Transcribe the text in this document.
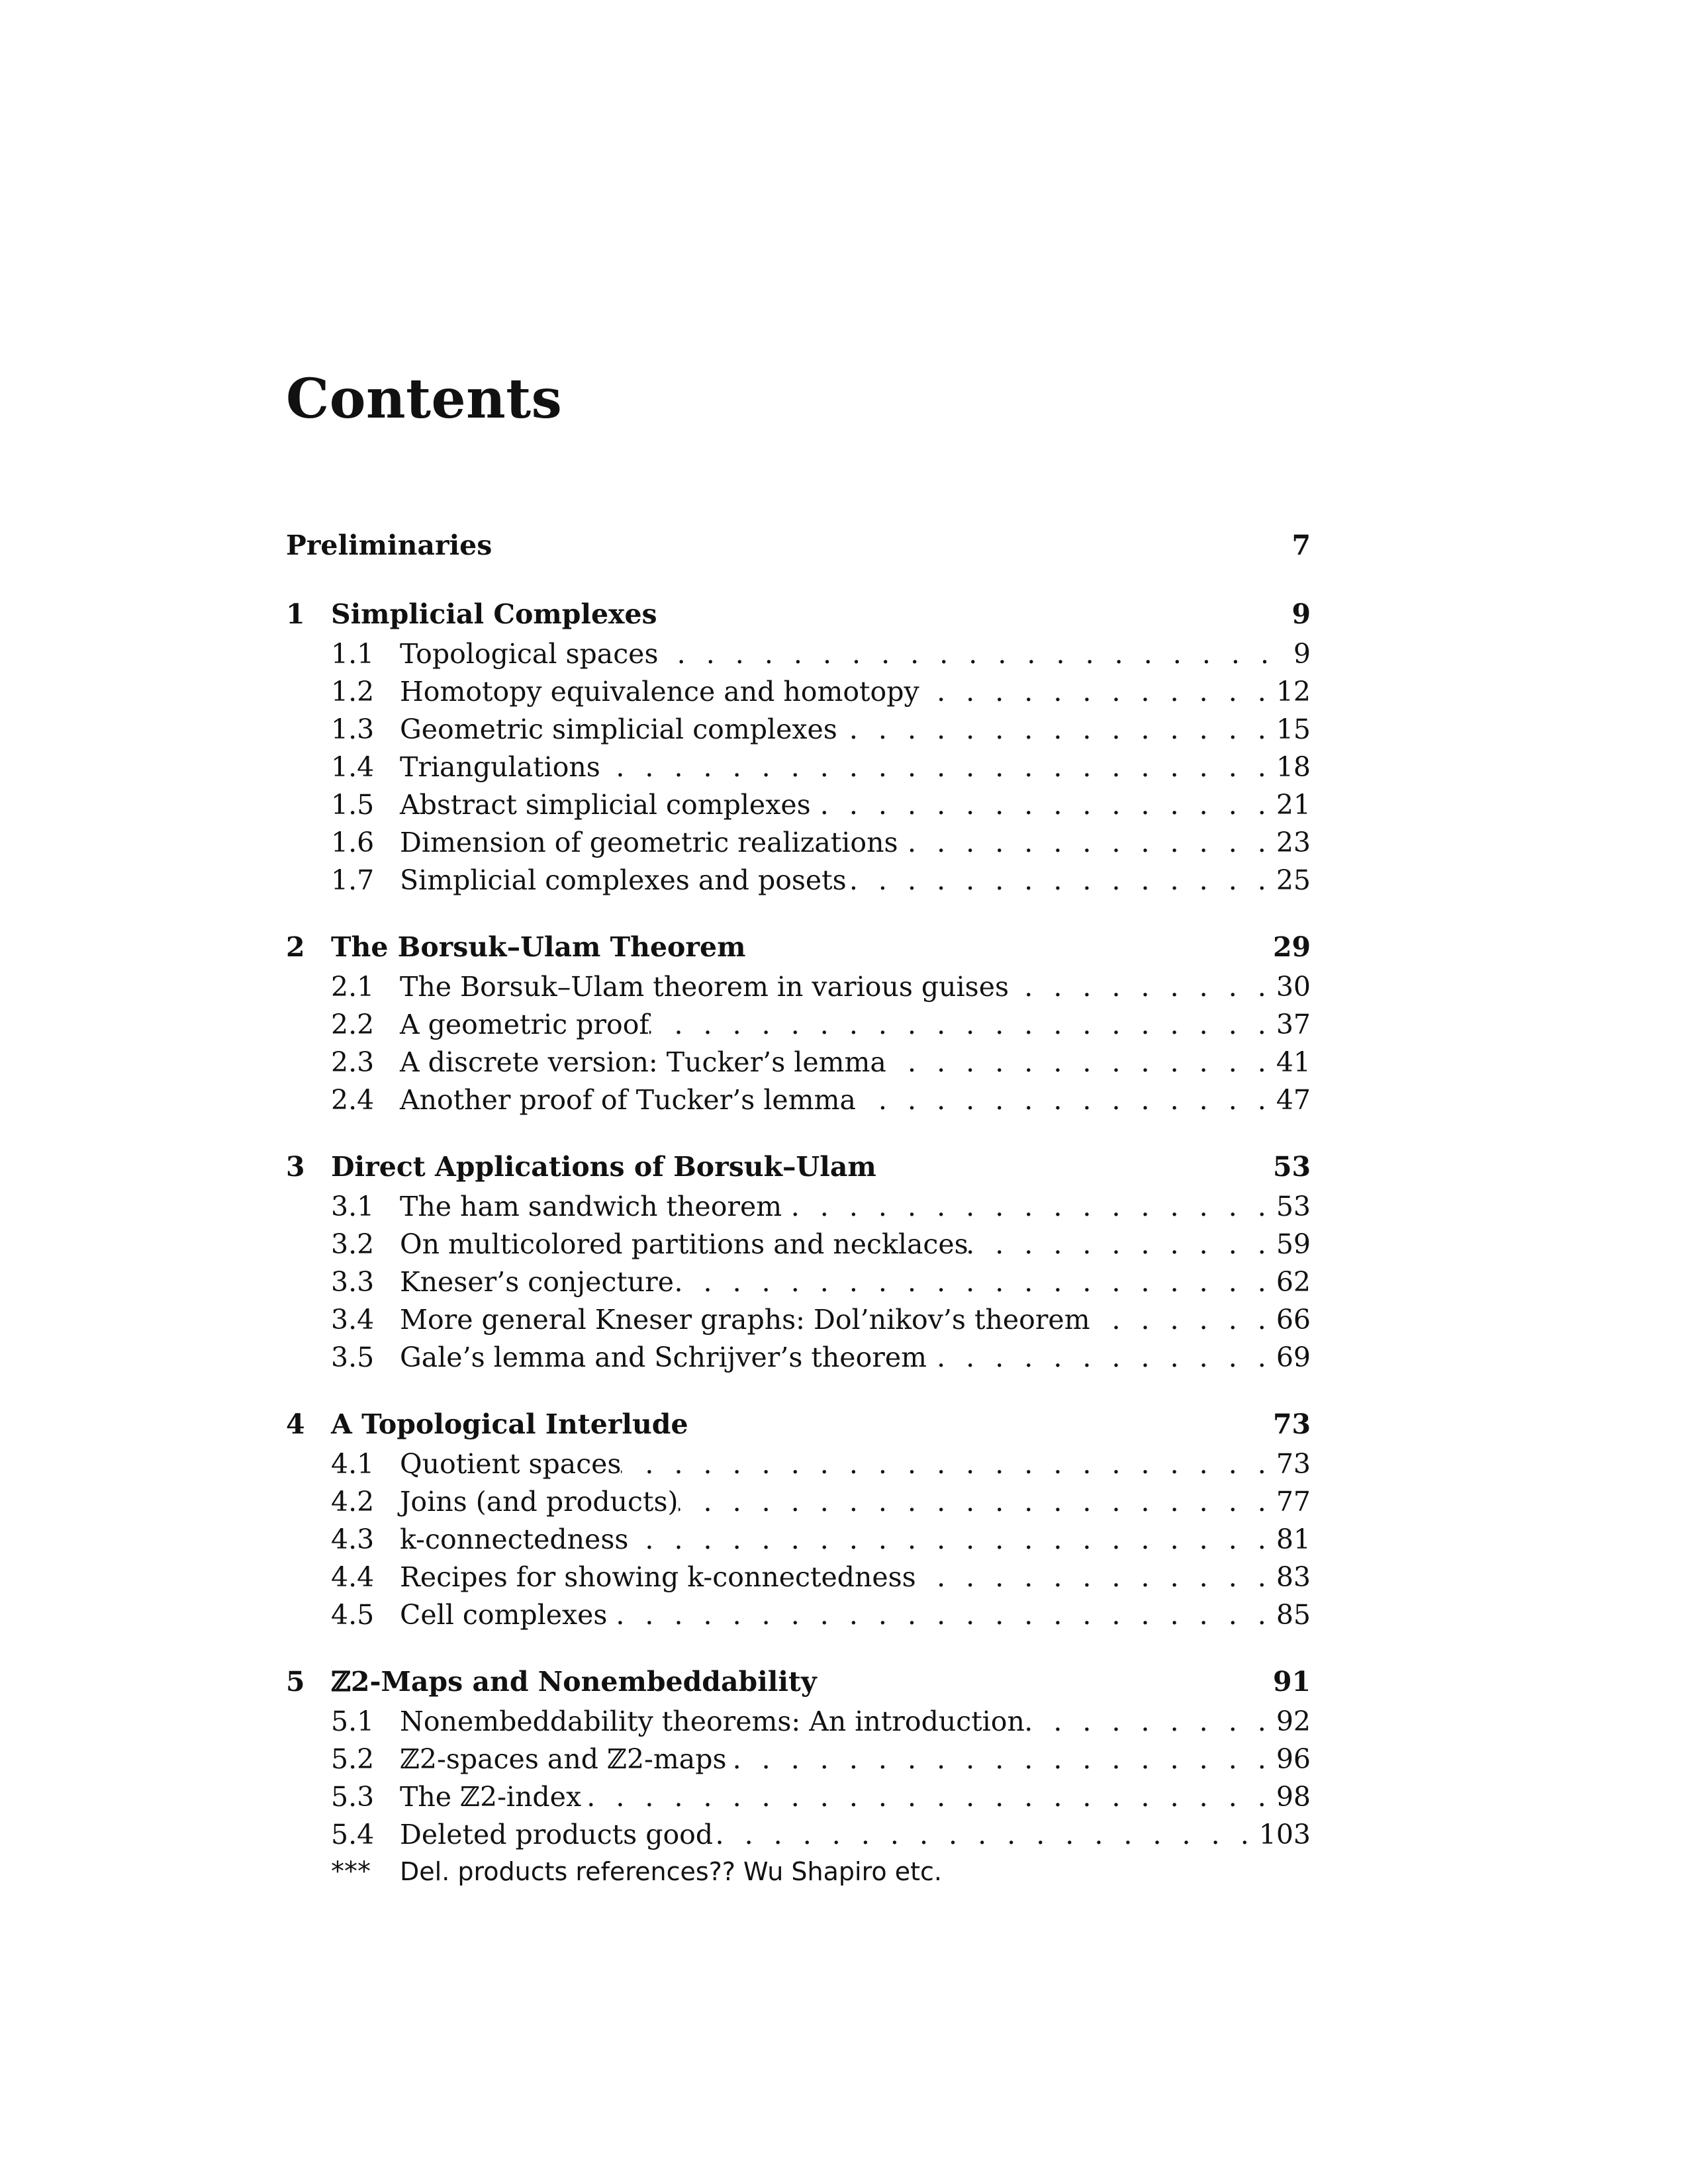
Contents
Preliminaries	7
1 Simplicial Complexes	9
1.1 Topological spaces . . .	9
1.2 Homotopy equivalence and homotopy . . .	12
1.3 Geometric simplicial complexes . . .	15
1.4 Triangulations . . .	18
1.5 Abstract simplicial complexes . . .	21
1.6 Dimension of geometric realizations . . .	23
1.7 Simplicial complexes and posets . . .	25
2 The Borsuk–Ulam Theorem	29
2.1 The Borsuk–Ulam theorem in various guises . . .	30
2.2 A geometric proof . . .	37
2.3 A discrete version: Tucker’s lemma . . .	41
2.4 Another proof of Tucker’s lemma . . .	47
3 Direct Applications of Borsuk–Ulam	53
3.1 The ham sandwich theorem . . .	53
3.2 On multicolored partitions and necklaces . . .	59
3.3 Kneser’s conjecture . . .	62
3.4 More general Kneser graphs: Dol’nikov’s theorem . . .	66
3.5 Gale’s lemma and Schrijver’s theorem . . .	69
4 A Topological Interlude	73
4.1 Quotient spaces . . .	73
4.2 Joins (and products) . . .	77
4.3 k-connectedness . . .	81
4.4 Recipes for showing k-connectedness . . .	83
4.5 Cell complexes . . .	85
5 ℤ2-Maps and Nonembeddability	91
5.1 Nonembeddability theorems: An introduction . . .	92
5.2 ℤ2-spaces and ℤ2-maps . . .	96
5.3 The ℤ2-index . . .	98
5.4 Deleted products good . . .	103
***	Del. products references?? Wu Shapiro etc.
